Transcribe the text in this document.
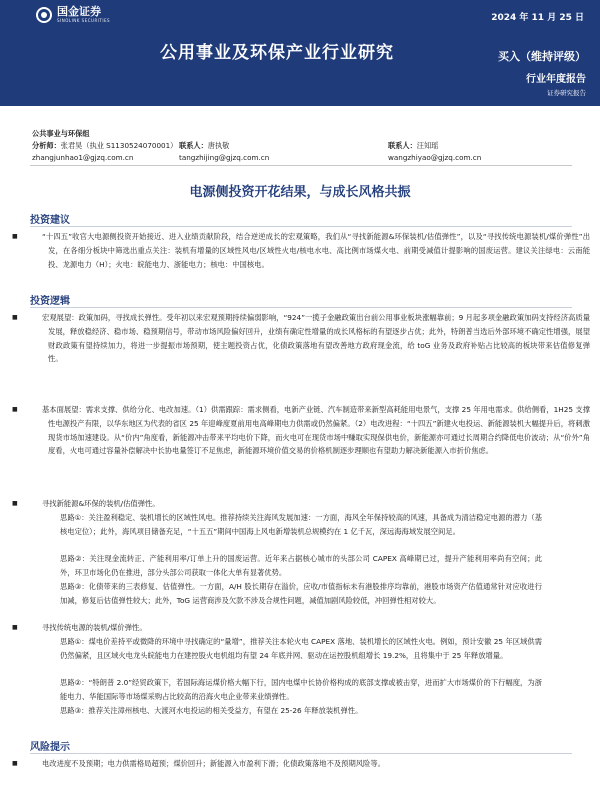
国金证券
SINOLINK SECURITIES	2024 年 11 月 25 日
公用事业及环保产业行业研究	买入（维持评级）
行业年度报告
证券研究报告
公共事业与环保组
分析师：张君昊（执业 S1130524070001） 联系人：唐执敬	联系人：汪知瑶
zhangjunhao1@gjzq.com.cn	tangzhijing@gjzq.com.cn	wangzhiyao@gjzq.com.cn
电源侧投资开花结果，与成长风格共振
投资建议
■	“十四五”收官大电源侧投资开始接近、进入业绩贡献阶段，结合逆逆成长的宏观策略，我们从“寻找新能源&环保装机/估值弹性”，以及“寻找传统电源装机/煤价弹性”出发，在各细分板块中筛选出重点关注：装机有增量的区域性风电/区域性火电/核电水电、高比例市场煤火电、前期受减值计提影响的国废运营。建议关注绿电：云南能投、龙源电力（H）；火电：皖能电力、浙能电力；核电：中国核电。
投资逻辑
■	宏观展望：政策加码，寻找成长弹性。受年初以来宏观预期持续偏弱影响，“924”一揽子金融政策出台前公用事业板块涨幅靠前；9 月起多项金融政策加码支持经济高质量发展，释放稳经济、稳市场、稳预期信号，带动市场风险偏好回升，业绩有确定性增量的成长风格标的有望逐步占优；此外，特朗普当选后外部环境不确定性增强，展望财政政策有望持续加力，将进一步提振市场预期，使主题投资占优，化债政策落地有望改善地方政府现金流，给 toG 业务及政府补贴占比较高的板块带来估值修复弹性。
■	基本面展望：需求支撑、供给分化、电改加速。（1）供需跟踪：需求侧看，电新产业链、汽车制造带来新型高耗能用电景气，支撑 25 年用电需求。供给侧看，1H25 支撑性电源投产有限，以华东地区为代表的省区 25 年迎峰度夏前用电高峰期电力供需或仍然偏紧。（2）电改进程：“十四五”新建火电投运、新能源装机大幅提升后，将刺激现货市场加速建设。从“价内”角度看，新能源冲击带来平均电价下降，而火电可在现货市场中赚取实现保供电价，新能源亦可通过长周期合约降低电价波动；从“价外”角度看，火电可通过容量补偿解决中长协电量签订不足焦虑，新能源环境价值交易的价格机制逐步理顺也有望助力解决新能源入市折价焦虑。
■	寻找新能源&环保的装机/估值弹性。
思路①：关注盈利稳定、装机增长的区域性风电。推荐持续关注海风发展加速：一方面，海风全年保持较高的风速，具备成为清洁稳定电源的潜力（基核电定位）；此外，海风项目储备充足，“十五五”期间中国海上风电新增装机总规模约在 1 亿千瓦，深远海海域发展空间足。
思路②：关注现金流转正、产能利用率/订单上升的国废运营。近年来占据核心城市的头部公司 CAPEX 高峰期已过，提升产能利用率尚有空间；此外，环卫市场化仍在推进，部分头部公司获取一体化大单有显著优势。
思路③：化债带来的三表修复、估值弹性。一方面，A/H 股长期存在溢价，应收/市值指标未有港股排序均靠前，港股市场资产估值通常针对应收进行加减，修复后估值弹性较大；此外，ToG 运营商涉及欠款不涉及合规性问题，减值加剧风险较低，冲回弹性相对较大。
■	寻找传统电源的装机/煤价弹性。
思路①：煤电价差持平或微降的环境中寻找确定的“量增”，推荐关注本轮火电 CAPEX 落地、装机增长的区域性火电。例如，预计安徽 25 年区域供需仍然偏紧，且区域火电龙头皖能电力在建控股火电机组均有望 24 年底并网、驱动在运控股机组增长 19.2%，且将集中于 25 年释放增量。
思路②：“特朗普 2.0”经贸政策下，若国际海运煤价格大幅下行，国内电煤中长协价格构成的底部支撑或被击穿，进而扩大市场煤价的下行幅度，为浙能电力、华能国际等市场煤采购占比较高的沿海火电企业带来业绩弹性。
思路③：推荐关注漳州核电、大渡河水电投运的相关受益方，有望在 25-26 年释放装机弹性。
风险提示
■	电改进度不及预期；电力供需格局超预；煤价回升；新能源入市盈利下滑；化债政策落地不及预期风险等。
